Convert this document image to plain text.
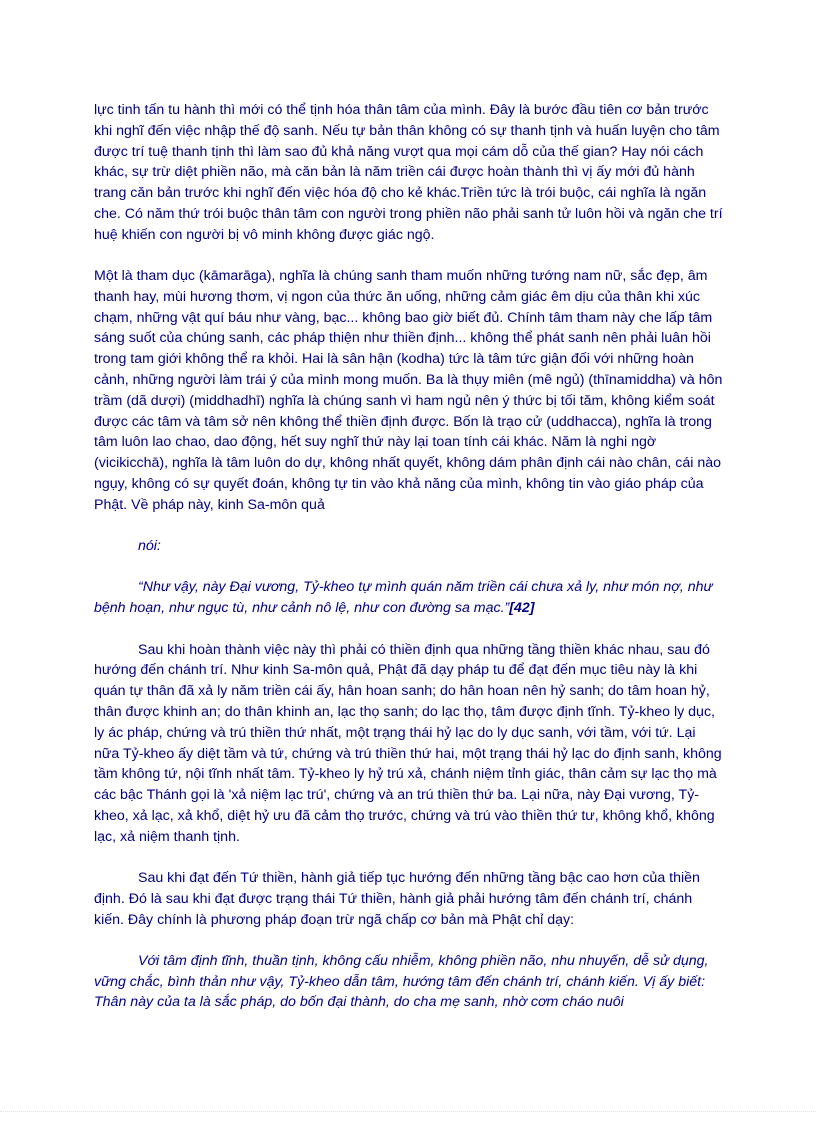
lực tinh tấn tu hành thì mới có thể tịnh hóa thân tâm của mình. Đây là bước đầu tiên cơ bản trước khi nghĩ đến việc nhập thế độ sanh. Nếu tự bản thân không có sự thanh tịnh và huấn luyện cho tâm được trí tuệ thanh tịnh thì làm sao đủ khả năng vượt qua mọi cám dỗ của thế gian? Hay nói cách khác, sự trừ diệt phiền não, mà căn bản là năm triền cái được hoàn thành thì vị ấy mới đủ hành trang căn bản trước khi nghĩ đến việc hóa độ cho kẻ khác.Triền tức là trói buộc, cái nghĩa là ngăn che. Có năm thứ trói buộc thân tâm con người trong phiền não phải sanh tử luôn hồi và ngăn che trí huệ khiến con người bị vô minh không được giác ngộ.

Một là tham dục (kāmarāga), nghĩa là chúng sanh tham muốn những tướng nam nữ, sắc đẹp, âm thanh hay, mùi hương thơm, vị ngon của thức ăn uống, những cảm giác êm dịu của thân khi xúc chạm, những vật quí báu như vàng, bạc... không bao giờ biết đủ. Chính tâm tham này che lấp tâm sáng suốt của chúng sanh, các pháp thiện như thiền định... không thể phát sanh nên phải luân hồi trong tam giới không thể ra khỏi. Hai là sân hận (kodha) tức là tâm tức giận đối với những hoàn cảnh, những người làm trái ý của mình mong muốn. Ba là thụy miên (mê ngủ) (thīnamiddha) và hôn trầm (dã dượi) (middhadhī) nghĩa là chúng sanh vì ham ngủ nên ý thức bị tối tăm, không kiểm soát được các tâm và tâm sở nên không thể thiền định được. Bốn là trạo cử (uddhacca), nghĩa là trong tâm luôn lao chao, dao động, hết suy nghĩ thứ này lại toan tính cái khác. Năm là nghi ngờ (vicikicchā), nghĩa là tâm luôn do dự, không nhất quyết, không dám phân định cái nào chân, cái nào ngụy, không có sự quyết đoán, không tự tin vào khả năng của mình, không tin vào giáo pháp của Phật. Về pháp này, kinh Sa-môn quả

nói:

“Như vậy, này Đại vương, Tỷ-kheo tự mình quán năm triền cái chưa xả ly, như món nợ, như bệnh hoạn, như ngục tù, như cảnh nô lệ, như con đường sa mạc.”[42]

Sau khi hoàn thành việc này thì phải có thiền định qua những tầng thiền khác nhau, sau đó hướng đến chánh trí. Như kinh Sa-môn quả, Phật đã dạy pháp tu để đạt đến mục tiêu này là khi quán tự thân đã xả ly năm triền cái ấy, hân hoan sanh; do hân hoan nên hỷ sanh; do tâm hoan hỷ, thân được khinh an; do thân khinh an, lạc thọ sanh; do lạc thọ, tâm được định tĩnh. Tỷ-kheo ly dục, ly ác pháp, chứng và trú thiền thứ nhất, một trạng thái hỷ lạc do ly dục sanh, với tầm, với tứ. Lại nữa Tỷ-kheo ấy diệt tầm và tứ, chứng và trú thiền thứ hai, một trạng thái hỷ lạc do định sanh, không tầm không tứ, nội tĩnh nhất tâm. Tỷ-kheo ly hỷ trú xả, chánh niệm tỉnh giác, thân cảm sự lạc thọ mà các bậc Thánh gọi là 'xả niệm lạc trú', chứng và an trú thiền thứ ba. Lại nữa, này Đại vương, Tỷ-kheo, xả lạc, xả khổ, diệt hỷ ưu đã cảm thọ trước, chứng và trú vào thiền thứ tư, không khổ, không lạc, xả niệm thanh tịnh.

Sau khi đạt đến Tứ thiền, hành giả tiếp tục hướng đến những tầng bậc cao hơn của thiền định. Đó là sau khi đạt được trạng thái Tứ thiền, hành giả phải hướng tâm đến chánh trí, chánh kiến. Đây chính là phương pháp đoạn trừ ngã chấp cơ bản mà Phật chỉ dạy:

Với tâm định tĩnh, thuần tịnh, không cấu nhiễm, không phiền não, nhu nhuyến, dễ sử dụng, vững chắc, bình thản như vậy, Tỷ-kheo dẫn tâm, hướng tâm đến chánh trí, chánh kiến. Vị ấy biết: Thân này của ta là sắc pháp, do bốn đại thành, do cha mẹ sanh, nhờ cơm cháo nuôi
